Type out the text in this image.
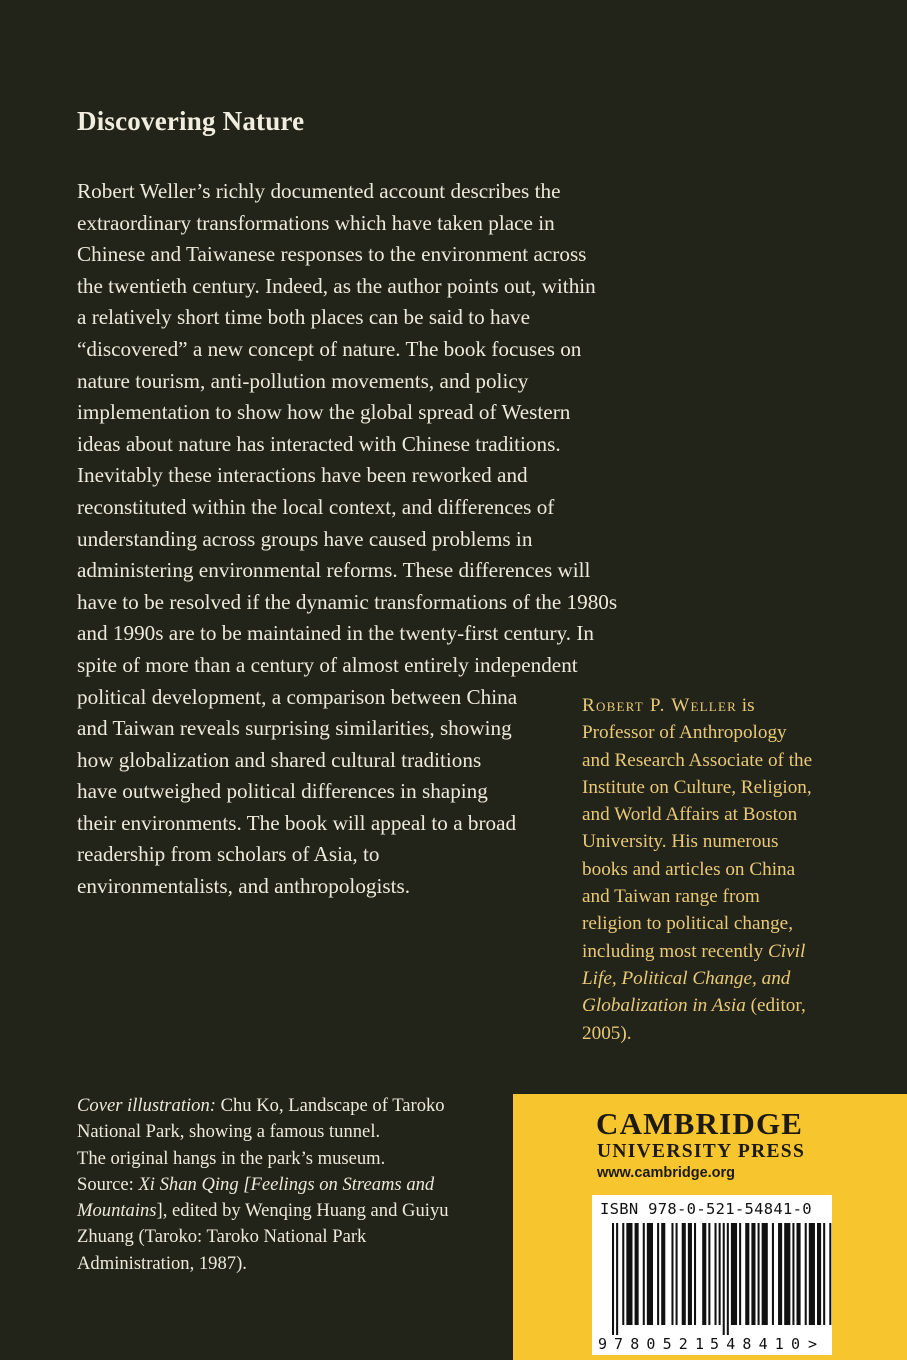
Discovering Nature
Robert Weller’s richly documented account describes the
extraordinary transformations which have taken place in
Chinese and Taiwanese responses to the environment across
the twentieth century. Indeed, as the author points out, within
a relatively short time both places can be said to have
“discovered” a new concept of nature. The book focuses on
nature tourism, anti-pollution movements, and policy
implementation to show how the global spread of Western
ideas about nature has interacted with Chinese traditions.
Inevitably these interactions have been reworked and
reconstituted within the local context, and differences of
understanding across groups have caused problems in
administering environmental reforms. These differences will
have to be resolved if the dynamic transformations of the 1980s
and 1990s are to be maintained in the twenty-first century. In
spite of more than a century of almost entirely independent
political development, a comparison between China
and Taiwan reveals surprising similarities, showing
how globalization and shared cultural traditions
have outweighed political differences in shaping
their environments. The book will appeal to a broad
readership from scholars of Asia, to
environmentalists, and anthropologists.
Robert P. Weller is
Professor of Anthropology
and Research Associate of the
Institute on Culture, Religion,
and World Affairs at Boston
University. His numerous
books and articles on China
and Taiwan range from
religion to political change,
including most recently Civil
Life, Political Change, and
Globalization in Asia (editor,
2005).
Cover illustration: Chu Ko, Landscape of Taroko
National Park, showing a famous tunnel.
The original hangs in the park’s museum.
Source: Xi Shan Qing [Feelings on Streams and
Mountains], edited by Wenqing Huang and Guiyu
Zhuang (Taroko: Taroko National Park
Administration, 1987).

CAMBRIDGE

UNIVERSITY PRESS

www.cambridge.org

ISBN 978-0-521-54841-0

9 780521 548410 >
